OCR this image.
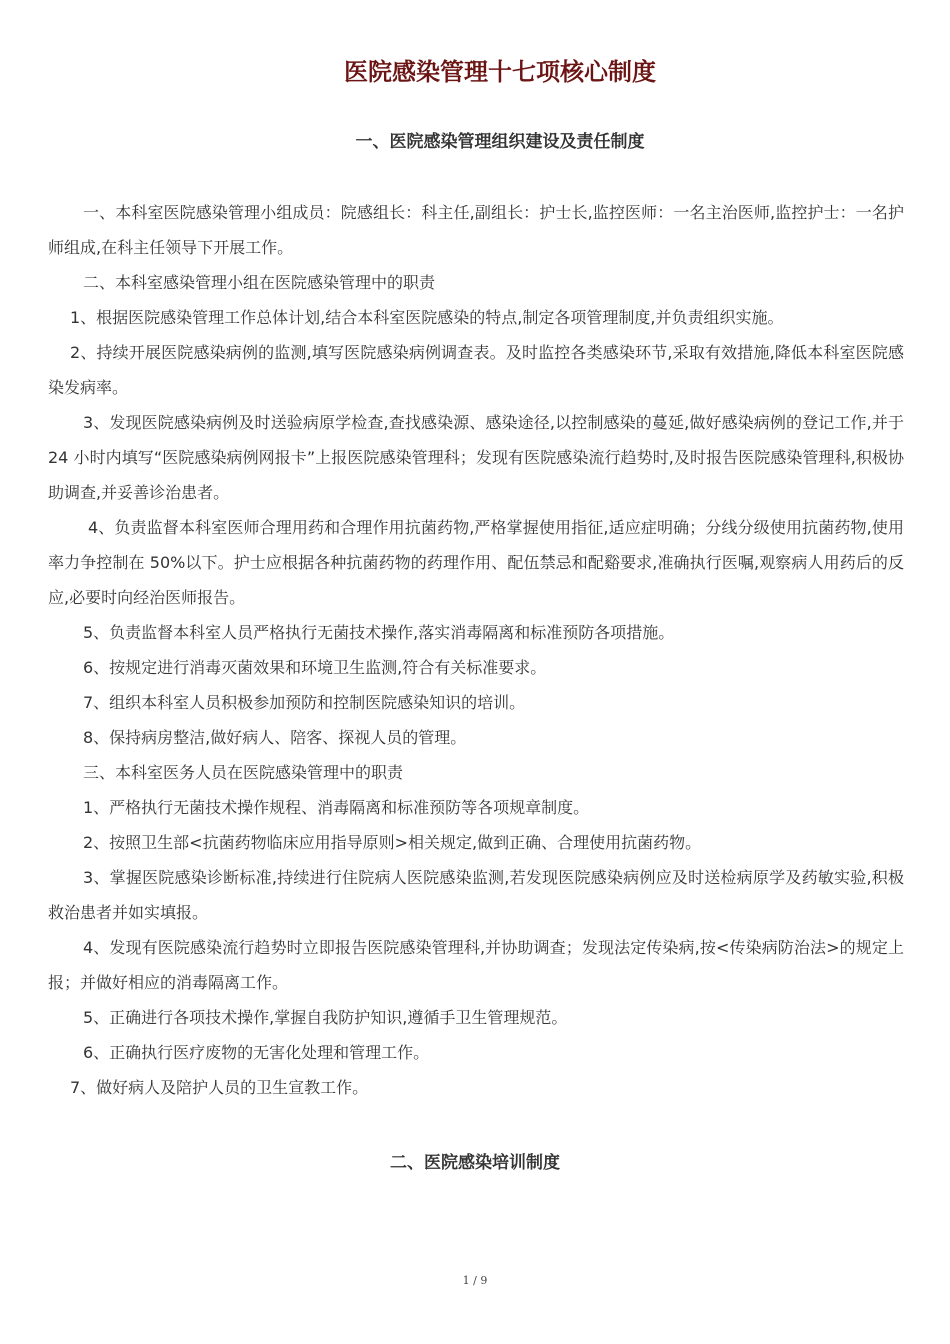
医院感染管理十七项核心制度
一、医院感染管理组织建设及责任制度

一、本科室医院感染管理小组成员：院感组长：科主任,副组长：护士长,监控医师：一名主治医师,监控护士：一名护师组成,在科主任领导下开展工作。

二、本科室感染管理小组在医院感染管理中的职责

1、根据医院感染管理工作总体计划,结合本科室医院感染的特点,制定各项管理制度,并负责组织实施。

2、持续开展医院感染病例的监测,填写医院感染病例调查表。及时监控各类感染环节,采取有效措施,降低本科室医院感染发病率。

3、发现医院感染病例及时送验病原学检查,查找感染源、感染途径,以控制感染的蔓延,做好感染病例的登记工作,并于 24 小时内填写“医院感染病例网报卡”上报医院感染管理科；发现有医院感染流行趋势时,及时报告医院感染管理科,积极协助调查,并妥善诊治患者。

4、负责监督本科室医师合理用药和合理作用抗菌药物,严格掌握使用指征,适应症明确；分线分级使用抗菌药物,使用率力争控制在 50%以下。护士应根据各种抗菌药物的药理作用、配伍禁忌和配谿要求,准确执行医嘱,观察病人用药后的反应,必要时向经治医师报告。

5、负责监督本科室人员严格执行无菌技术操作,落实消毒隔离和标准预防各项措施。

6、按规定进行消毒灭菌效果和环境卫生监测,符合有关标准要求。

7、组织本科室人员积极参加预防和控制医院感染知识的培训。

8、保持病房整洁,做好病人、陪客、探视人员的管理。

三、本科室医务人员在医院感染管理中的职责

1、严格执行无菌技术操作规程、消毒隔离和标准预防等各项规章制度。

2、按照卫生部<抗菌药物临床应用指导原则>相关规定,做到正确、合理使用抗菌药物。

3、掌握医院感染诊断标准,持续进行住院病人医院感染监测,若发现医院感染病例应及时送检病原学及药敏实验,积极救治患者并如实填报。

4、发现有医院感染流行趋势时立即报告医院感染管理科,并协助调查；发现法定传染病,按<传染病防治法>的规定上报；并做好相应的消毒隔离工作。

5、正确进行各项技术操作,掌握自我防护知识,遵循手卫生管理规范。

6、正确执行医疗废物的无害化处理和管理工作。

7、做好病人及陪护人员的卫生宣教工作。

二、医院感染培训制度
1 / 9
